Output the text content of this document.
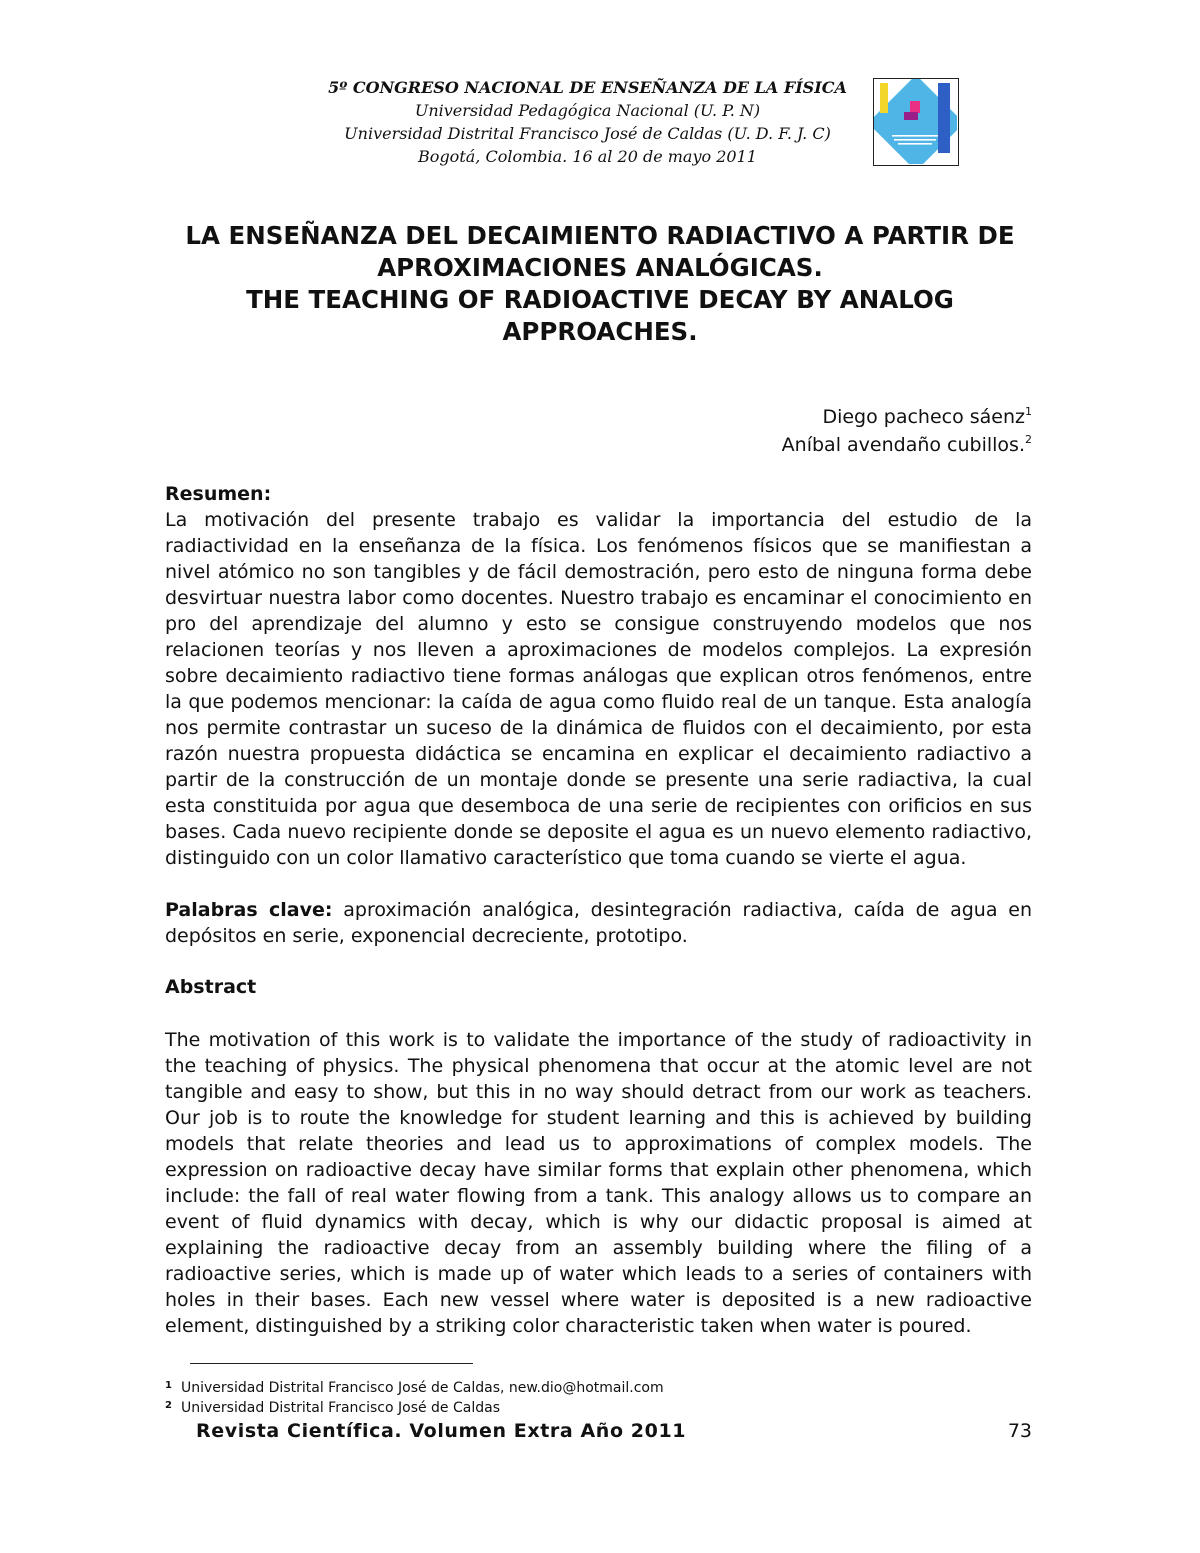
5º CONGRESO NACIONAL DE ENSEÑANZA DE LA FÍSICA
Universidad Pedagógica Nacional (U. P. N)
Universidad Distrital Francisco José de Caldas (U. D. F. J. C)
Bogotá, Colombia. 16 al 20 de mayo 2011
LA ENSEÑANZA DEL DECAIMIENTO RADIACTIVO A PARTIR DE
APROXIMACIONES ANALÓGICAS.
THE TEACHING OF RADIOACTIVE DECAY BY ANALOG
APPROACHES.
Diego pacheco sáenz$^1$
Aníbal avendaño cubillos.$^2$
Resumen:

La motivación del presente trabajo es validar la importancia del estudio de la radiactividad en la enseñanza de la física. Los fenómenos físicos que se manifiestan a nivel atómico no son tangibles y de fácil demostración, pero esto de ninguna forma debe desvirtuar nuestra labor como docentes. Nuestro trabajo es encaminar el conocimiento en pro del aprendizaje del alumno y esto se consigue construyendo modelos que nos relacionen teorías y nos lleven a aproximaciones de modelos complejos. La expresión sobre decaimiento radiactivo tiene formas análogas que explican otros fenómenos, entre la que podemos mencionar: la caída de agua como fluido real de un tanque. Esta analogía nos permite contrastar un suceso de la dinámica de fluidos con el decaimiento, por esta razón nuestra propuesta didáctica se encamina en explicar el decaimiento radiactivo a partir de la construcción de un montaje donde se presente una serie radiactiva, la cual esta constituida por agua que desemboca de una serie de recipientes con orificios en sus bases. Cada nuevo recipiente donde se deposite el agua es un nuevo elemento radiactivo, distinguido con un color llamativo característico que toma cuando se vierte el agua.

Palabras clave: aproximación analógica, desintegración radiactiva, caída de agua en depósitos en serie, exponencial decreciente, prototipo.

Abstract

The motivation of this work is to validate the importance of the study of radioactivity in the teaching of physics. The physical phenomena that occur at the atomic level are not tangible and easy to show, but this in no way should detract from our work as teachers. Our job is to route the knowledge for student learning and this is achieved by building models that relate theories and lead us to approximations of complex models. The expression on radioactive decay have similar forms that explain other phenomena, which include: the fall of real water flowing from a tank. This analogy allows us to compare an event of fluid dynamics with decay, which is why our didactic proposal is aimed at explaining the radioactive decay from an assembly building where the filing of a radioactive series, which is made up of water which leads to a series of containers with holes in their bases. Each new vessel where water is deposited is a new radioactive element, distinguished by a striking color characteristic taken when water is poured.

1 Universidad Distrital Francisco José de Caldas, new.dio@hotmail.com
2 Universidad Distrital Francisco José de Caldas
Revista Científica. Volumen Extra Año 2011	73
